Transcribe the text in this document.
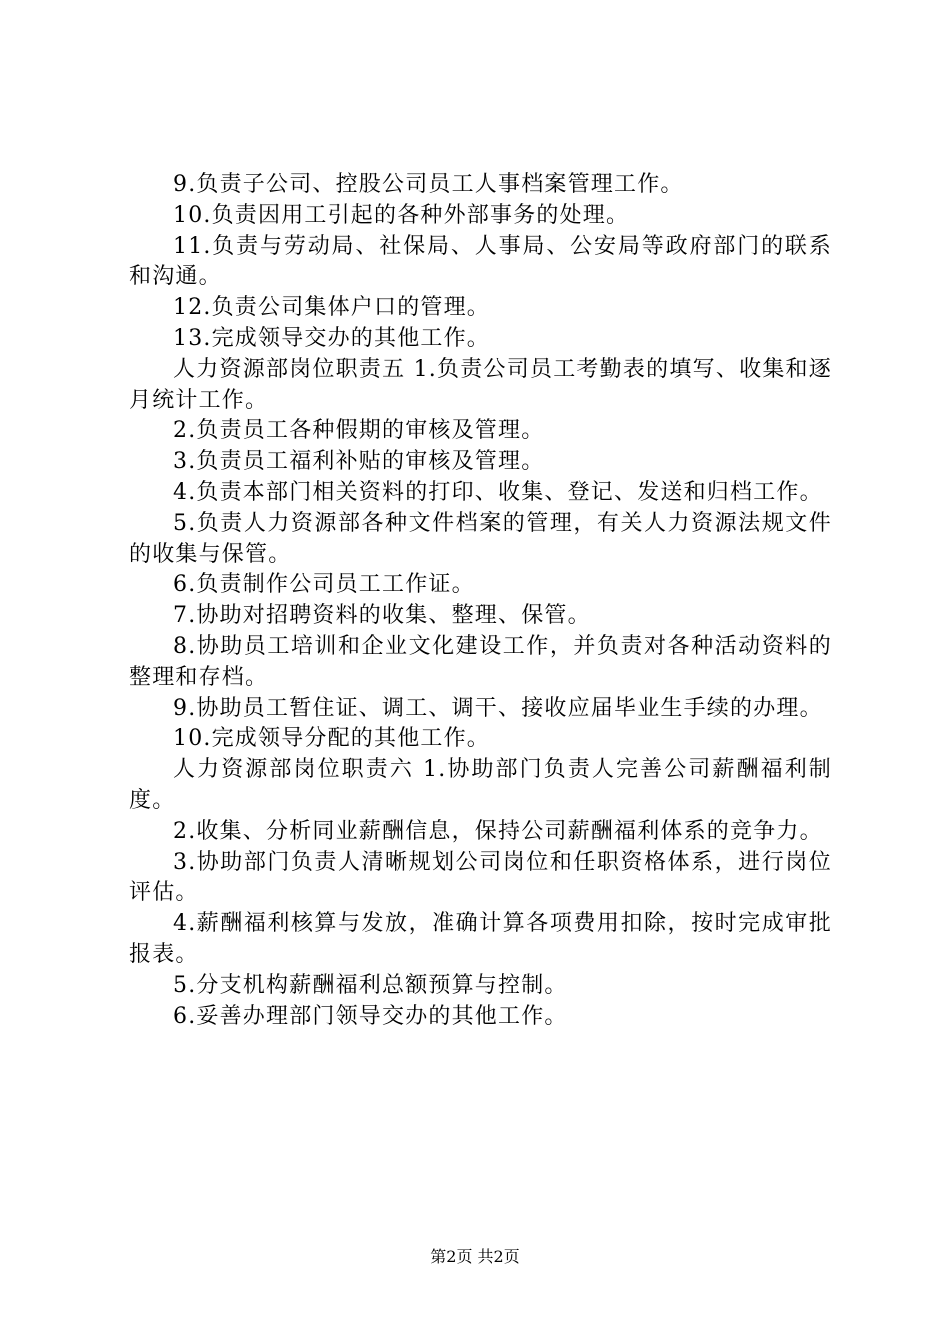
9.负责子公司、控股公司员工人事档案管理工作。

10.负责因用工引起的各种外部事务的处理。

11.负责与劳动局、社保局、人事局、公安局等政府部门的联系和沟通。

12.负责公司集体户口的管理。

13.完成领导交办的其他工作。

人力资源部岗位职责五 1.负责公司员工考勤表的填写、收集和逐月统计工作。

2.负责员工各种假期的审核及管理。

3.负责员工福利补贴的审核及管理。

4.负责本部门相关资料的打印、收集、登记、发送和归档工作。

5.负责人力资源部各种文件档案的管理，有关人力资源法规文件的收集与保管。

6.负责制作公司员工工作证。

7.协助对招聘资料的收集、整理、保管。

8.协助员工培训和企业文化建设工作，并负责对各种活动资料的整理和存档。

9.协助员工暂住证、调工、调干、接收应届毕业生手续的办理。

10.完成领导分配的其他工作。

人力资源部岗位职责六 1.协助部门负责人完善公司薪酬福利制度。

2.收集、分析同业薪酬信息，保持公司薪酬福利体系的竞争力。

3.协助部门负责人清晰规划公司岗位和任职资格体系，进行岗位评估。

4.薪酬福利核算与发放，准确计算各项费用扣除，按时完成审批报表。

5.分支机构薪酬福利总额预算与控制。

6.妥善办理部门领导交办的其他工作。

第2页 共2页
